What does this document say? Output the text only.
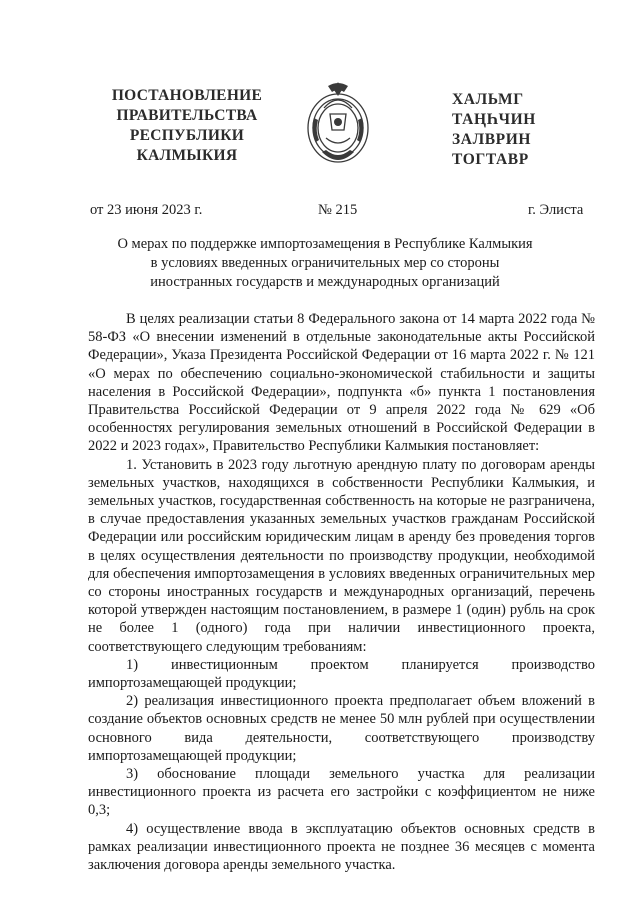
ПОСТАНОВЛЕНИЕ
ПРАВИТЕЛЬСТВА
РЕСПУБЛИКИ
КАЛМЫКИЯ
ХАЛЬМГ
ТАҢҺЧИН
ЗАЛВРИН
ТОГТАВР
от 23 июня 2023 г.	№ 215	г. Элиста
О мерах по поддержке импортозамещения в Республике Калмыкия
в условиях введенных ограничительных мер со стороны
иностранных государств и международных организаций

В целях реализации статьи 8 Федерального закона от 14 марта 2022 года № 58-ФЗ «О внесении изменений в отдельные законодательные акты Российской Федерации», Указа Президента Российской Федерации от 16 марта 2022 г. № 121 «О мерах по обеспечению социально-экономической стабильности и защиты населения в Российской Федерации», подпункта «б» пункта 1 постановления Правительства Российской Федерации от 9 апреля 2022 года № 629 «Об особенностях регулирования земельных отношений в Российской Федерации в 2022 и 2023 годах», Правительство Республики Калмыкия постановляет:

1. Установить в 2023 году льготную арендную плату по договорам аренды земельных участков, находящихся в собственности Республики Калмыкия, и земельных участков, государственная собственность на которые не разграничена, в случае предоставления указанных земельных участков гражданам Российской Федерации или российским юридическим лицам в аренду без проведения торгов в целях осуществления деятельности по производству продукции, необходимой для обеспечения импортозамещения в условиях введенных ограничительных мер со стороны иностранных государств и международных организаций, перечень которой утвержден настоящим постановлением, в размере 1 (один) рубль на срок не более 1 (одного) года при наличии инвестиционного проекта, соответствующего следующим требованиям:

1) инвестиционным проектом планируется производство импортозамещающей продукции;

2) реализация инвестиционного проекта предполагает объем вложений в создание объектов основных средств не менее 50 млн рублей при осуществлении основного вида деятельности, соответствующего производству импортозамещающей продукции;

3) обоснование площади земельного участка для реализации инвестиционного проекта из расчета его застройки с коэффициентом не ниже 0,3;

4) осуществление ввода в эксплуатацию объектов основных средств в рамках реализации инвестиционного проекта не позднее 36 месяцев с момента заключения договора аренды земельного участка.
